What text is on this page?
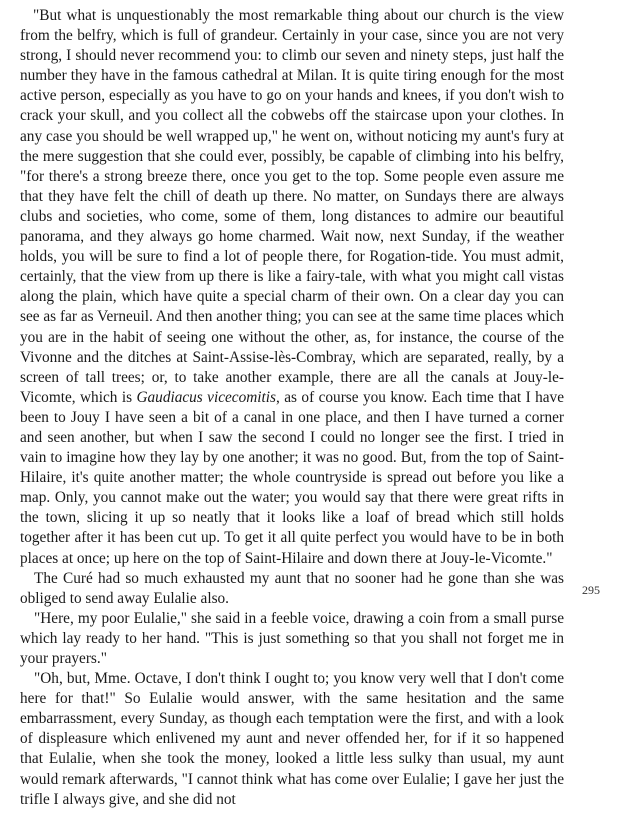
"But what is unquestionably the most remarkable thing about our church is the view from the belfry, which is full of grandeur. Certainly in your case, since you are not very strong, I should never recommend you: to climb our seven and ninety steps, just half the number they have in the famous cathedral at Milan. It is quite tiring enough for the most active person, especially as you have to go on your hands and knees, if you don't wish to crack your skull, and you collect all the cobwebs off the staircase upon your clothes. In any case you should be well wrapped up," he went on, without noticing my aunt's fury at the mere suggestion that she could ever, possibly, be capable of climbing into his belfry, "for there's a strong breeze there, once you get to the top. Some people even assure me that they have felt the chill of death up there. No matter, on Sundays there are always clubs and societies, who come, some of them, long distances to admire our beautiful panorama, and they always go home charmed. Wait now, next Sunday, if the weather holds, you will be sure to find a lot of people there, for Rogation-tide. You must admit, certainly, that the view from up there is like a fairy-tale, with what you might call vistas along the plain, which have quite a special charm of their own. On a clear day you can see as far as Verneuil. And then another thing; you can see at the same time places which you are in the habit of seeing one without the other, as, for instance, the course of the Vivonne and the ditches at Saint-Assise-lès-Combray, which are separated, really, by a screen of tall trees; or, to take another example, there are all the canals at Jouy-le-Vicomte, which is Gaudiacus vicecomitis, as of course you know. Each time that I have been to Jouy I have seen a bit of a canal in one place, and then I have turned a corner and seen another, but when I saw the second I could no longer see the first. I tried in vain to imagine how they lay by one another; it was no good. But, from the top of Saint-Hilaire, it's quite another matter; the whole countryside is spread out before you like a map. Only, you cannot make out the water; you would say that there were great rifts in the town, slicing it up so neatly that it looks like a loaf of bread which still holds together after it has been cut up. To get it all quite perfect you would have to be in both places at once; up here on the top of Saint-Hilaire and down there at Jouy-le-Vicomte."

The Curé had so much exhausted my aunt that no sooner had he gone than she was obliged to send away Eulalie also.

"Here, my poor Eulalie," she said in a feeble voice, drawing a coin from a small purse which lay ready to her hand. "This is just something so that you shall not forget me in your prayers."

"Oh, but, Mme. Octave, I don't think I ought to; you know very well that I don't come here for that!" So Eulalie would answer, with the same hesitation and the same embarrassment, every Sunday, as though each temptation were the first, and with a look of displeasure which enlivened my aunt and never offended her, for if it so happened that Eulalie, when she took the money, looked a little less sulky than usual, my aunt would remark afterwards, "I cannot think what has come over Eulalie; I gave her just the trifle I always give, and she did not

295
